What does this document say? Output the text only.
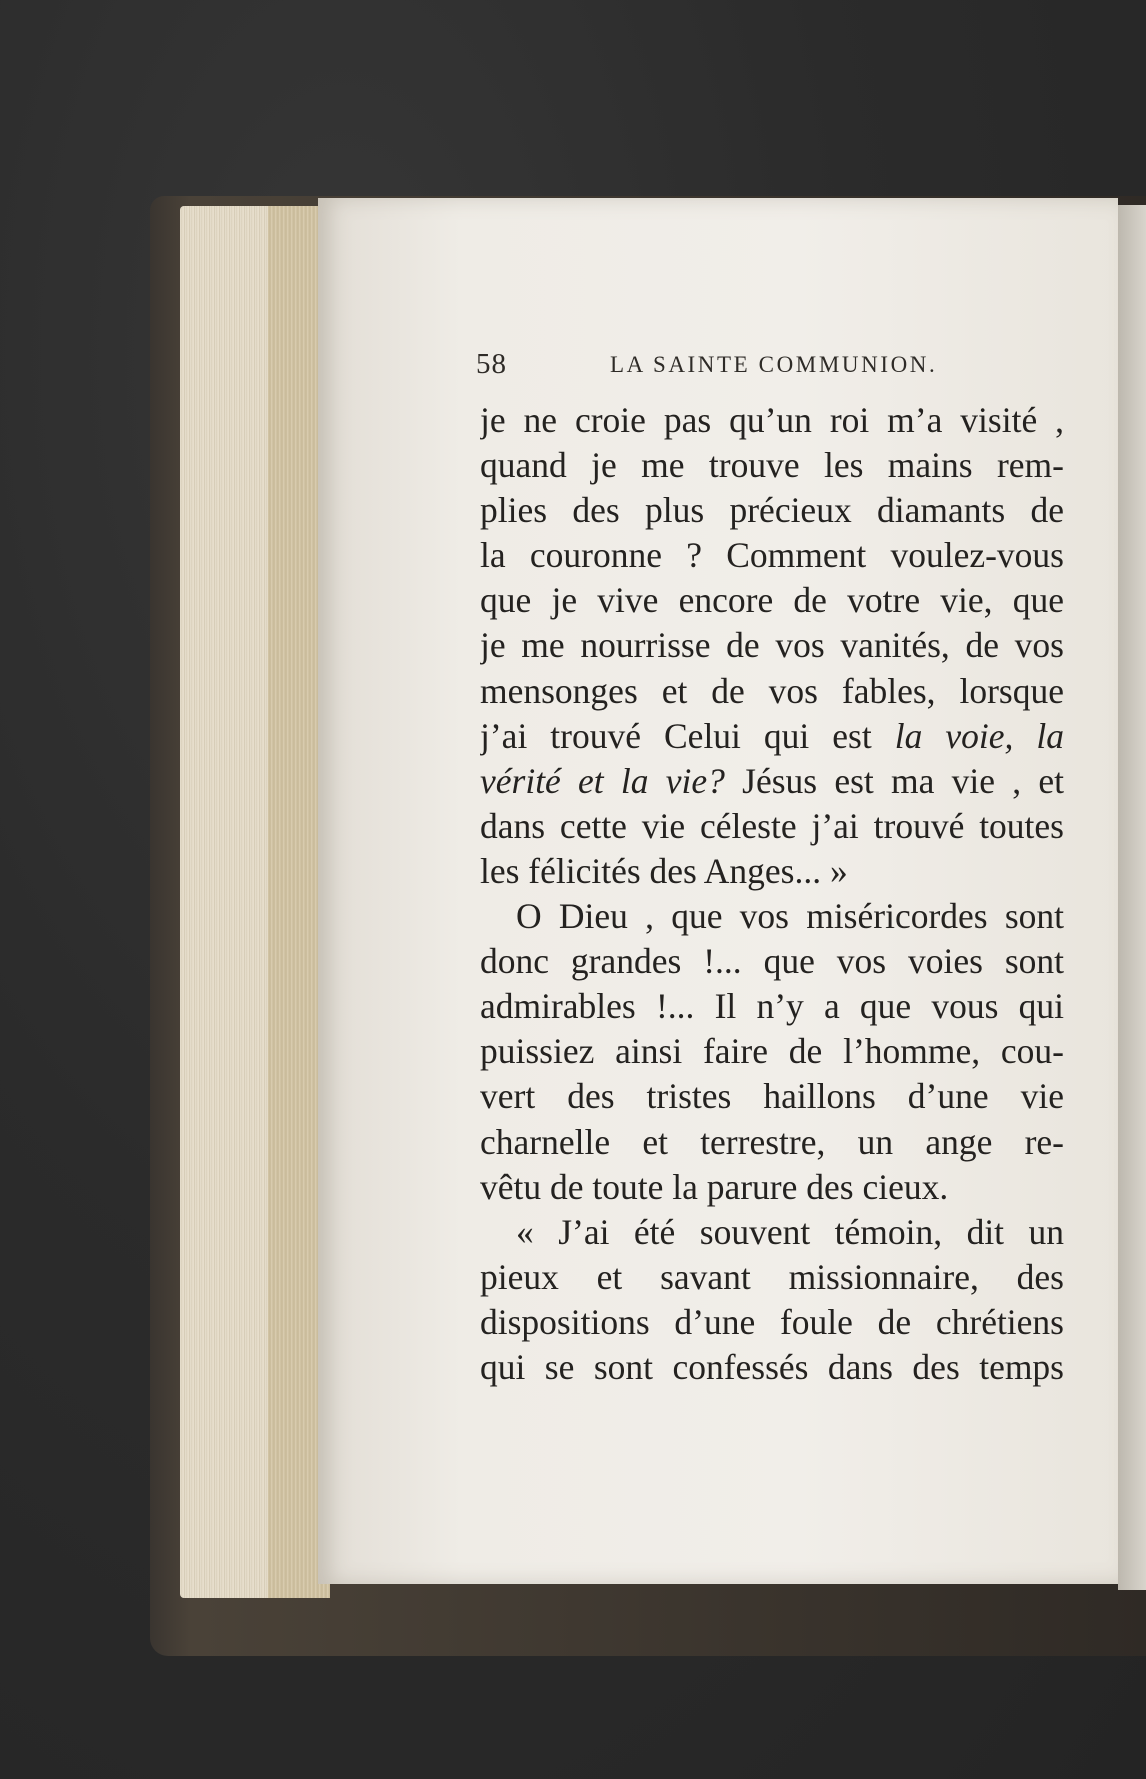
58	LA SAINTE COMMUNION.
je ne croie pas qu’un roi m’a visité ,
quand je me trouve les mains rem-
plies des plus précieux diamants de
la couronne ? Comment voulez-vous
que je vive encore de votre vie, que
je me nourrisse de vos vanités, de vos
mensonges et de vos fables, lorsque
j’ai trouvé Celui qui est la voie, la
vérité et la vie? Jésus est ma vie , et
dans cette vie céleste j’ai trouvé toutes
les félicités des Anges... »
O Dieu , que vos miséricordes sont
donc grandes !... que vos voies sont
admirables !... Il n’y a que vous qui
puissiez ainsi faire de l’homme, cou-
vert des tristes haillons d’une vie
charnelle et terrestre, un ange re-
vêtu de toute la parure des cieux.
« J’ai été souvent témoin, dit un
pieux et savant missionnaire, des
dispositions d’une foule de chrétiens
qui se sont confessés dans des temps
